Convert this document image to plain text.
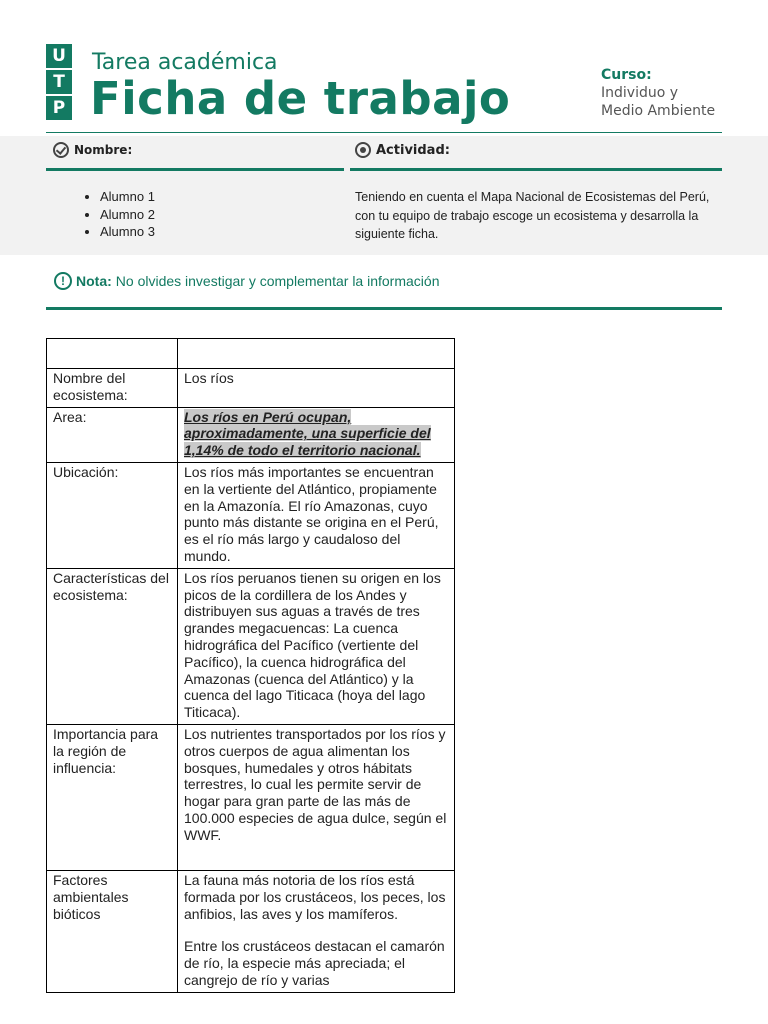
U
T
P
Tarea académica
Ficha de trabajo	Curso:
Individuo y
Medio Ambiente
Nombre:	Actividad:
• Alumno 1
• Alumno 2
• Alumno 3
Teniendo en cuenta el Mapa Nacional de Ecosistemas del Perú, con tu equipo de trabajo escoge un ecosistema y desarrolla la siguiente ficha.
! Nota: No olvides investigar y complementar la información

Nombre del ecosistema:	Los ríos
Area:	Los ríos en Perú ocupan, aproximadamente, una superficie del 1,14% de todo el territorio nacional.
Ubicación:	Los ríos más importantes se encuentran en la vertiente del Atlántico, propiamente en la Amazonía. El río Amazonas, cuyo punto más distante se origina en el Perú, es el río más largo y caudaloso del mundo.
Características del ecosistema:	Los ríos peruanos tienen su origen en los picos de la cordillera de los Andes y distribuyen sus aguas a través de tres grandes megacuencas: La cuenca hidrográfica del Pacífico (vertiente del Pacífico), la cuenca hidrográfica del Amazonas (cuenca del Atlántico) y la cuenca del lago Titicaca (hoya del lago Titicaca).
Importancia para la región de influencia:	Los nutrientes transportados por los ríos y otros cuerpos de agua alimentan los bosques, humedales y otros hábitats terrestres, lo cual les permite servir de hogar para gran parte de las más de 100.000 especies de agua dulce, según el WWF.
Factores ambientales bióticos	La fauna más notoria de los ríos está formada por los crustáceos, los peces, los anfibios, las aves y los mamíferos.
Entre los crustáceos destacan el camarón de río, la especie más apreciada; el cangrejo de río y varias
